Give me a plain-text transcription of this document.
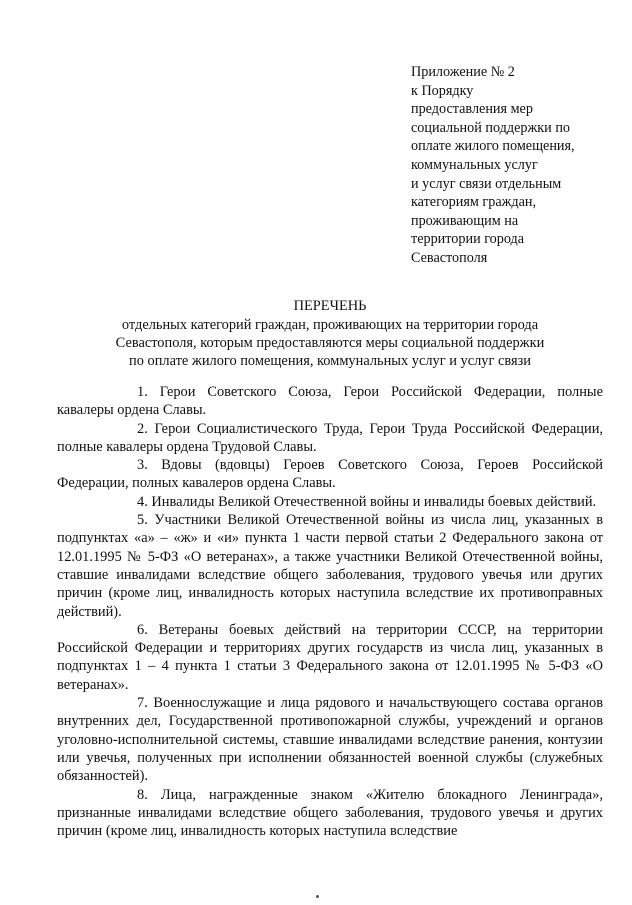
Приложение № 2
к Порядку
предоставления мер
социальной поддержки по
оплате жилого помещения,
коммунальных услуг
и услуг связи отдельным
категориям граждан,
проживающим на
территории города
Севастополя
ПЕРЕЧЕНЬ
отдельных категорий граждан, проживающих на территории города
Севастополя, которым предоставляются меры социальной поддержки
по оплате жилого помещения, коммунальных услуг и услуг связи

1. Герои Советского Союза, Герои Российской Федерации, полные кавалеры ордена Славы.

2. Герои Социалистического Труда, Герои Труда Российской Федерации, полные кавалеры ордена Трудовой Славы.

3. Вдовы (вдовцы) Героев Советского Союза, Героев Российской Федерации, полных кавалеров ордена Славы.

4. Инвалиды Великой Отечественной войны и инвалиды боевых действий.

5. Участники Великой Отечественной войны из числа лиц, указанных в подпунктах «а» – «ж» и «и» пункта 1 части первой статьи 2 Федерального закона от 12.01.1995 № 5-ФЗ «О ветеранах», а также участники Великой Отечественной войны, ставшие инвалидами вследствие общего заболевания, трудового увечья или других причин (кроме лиц, инвалидность которых наступила вследствие их противоправных действий).

6. Ветераны боевых действий на территории СССР, на территории Российской Федерации и территориях других государств из числа лиц, указанных в подпунктах 1 – 4 пункта 1 статьи 3 Федерального закона от 12.01.1995 № 5-ФЗ «О ветеранах».

7. Военнослужащие и лица рядового и начальствующего состава органов внутренних дел, Государственной противопожарной службы, учреждений и органов уголовно-исполнительной системы, ставшие инвалидами вследствие ранения, контузии или увечья, полученных при исполнении обязанностей военной службы (служебных обязанностей).

8. Лица, награжденные знаком «Жителю блокадного Ленинграда», признанные инвалидами вследствие общего заболевания, трудового увечья и других причин (кроме лиц, инвалидность которых наступила вследствие
